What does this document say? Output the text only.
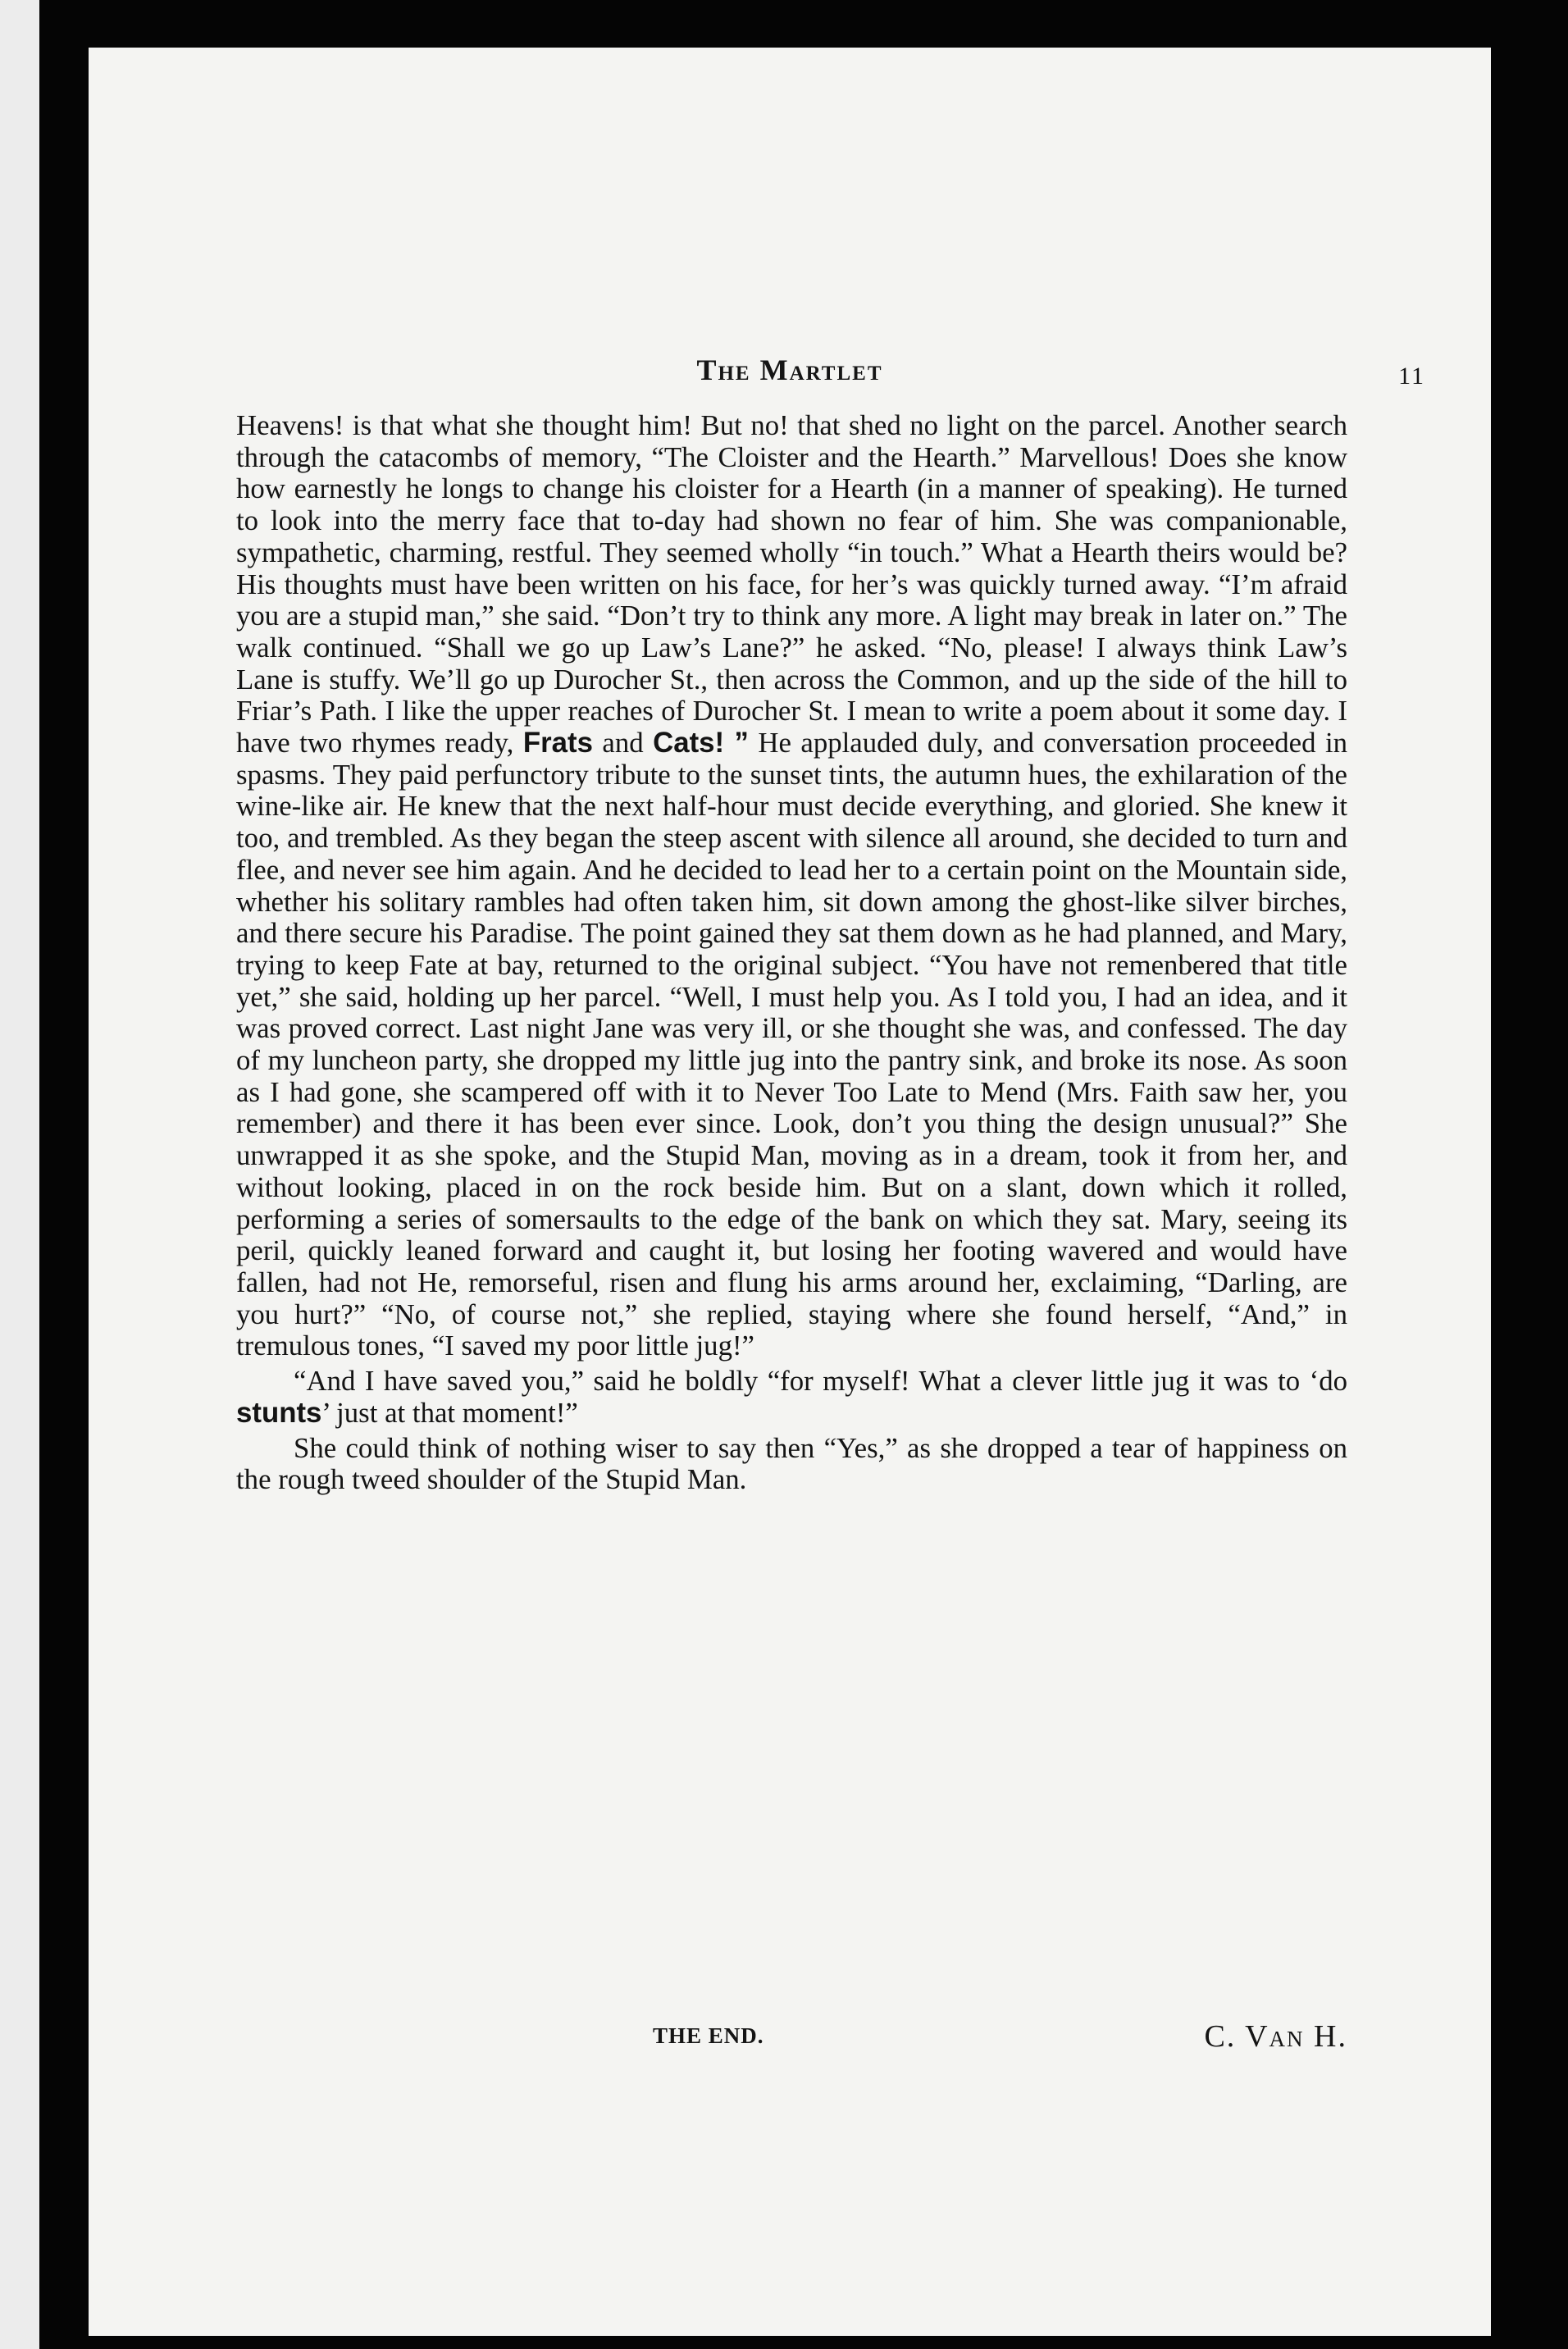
The Martlet	11

Heavens! is that what she thought him! But no! that shed no light on the parcel. Another search through the catacombs of memory, “The Cloister and the Hearth.” Marvellous! Does she know how earnestly he longs to change his cloister for a Hearth (in a manner of speaking). He turned to look into the merry face that to-day had shown no fear of him. She was companionable, sympathetic, charming, restful. They seemed wholly “in touch.” What a Hearth theirs would be? His thoughts must have been written on his face, for her’s was quickly turned away. “I’m afraid you are a stupid man,” she said. “Don’t try to think any more. A light may break in later on.” The walk continued. “Shall we go up Law’s Lane?” he asked. “No, please! I always think Law’s Lane is stuffy. We’ll go up Durocher St., then across the Common, and up the side of the hill to Friar’s Path. I like the upper reaches of Durocher St. I mean to write a poem about it some day. I have two rhymes ready, Frats and Cats! ” He applauded duly, and conversation proceeded in spasms. They paid perfunctory tribute to the sunset tints, the autumn hues, the exhilaration of the wine-like air. He knew that the next half-hour must decide everything, and gloried. She knew it too, and trembled. As they began the steep ascent with silence all around, she decided to turn and flee, and never see him again. And he decided to lead her to a certain point on the Mountain side, whether his solitary rambles had often taken him, sit down among the ghost-like silver birches, and there secure his Paradise. The point gained they sat them down as he had planned, and Mary, trying to keep Fate at bay, returned to the original subject. “You have not remenbered that title yet,” she said, holding up her parcel. “Well, I must help you. As I told you, I had an idea, and it was proved correct. Last night Jane was very ill, or she thought she was, and confessed. The day of my luncheon party, she dropped my little jug into the pantry sink, and broke its nose. As soon as I had gone, she scampered off with it to Never Too Late to Mend (Mrs. Faith saw her, you remember) and there it has been ever since. Look, don’t you thing the design unusual?” She unwrapped it as she spoke, and the Stupid Man, moving as in a dream, took it from her, and without looking, placed in on the rock beside him. But on a slant, down which it rolled, performing a series of somersaults to the edge of the bank on which they sat. Mary, seeing its peril, quickly leaned forward and caught it, but losing her footing wavered and would have fallen, had not He, remorseful, risen and flung his arms around her, exclaiming, “Darling, are you hurt?” “No, of course not,” she replied, staying where she found herself, “And,” in tremulous tones, “I saved my poor little jug!”

“And I have saved you,” said he boldly “for myself! What a clever little jug it was to ‘do stunts’ just at that moment!”

She could think of nothing wiser to say then “Yes,” as she dropped a tear of happiness on the rough tweed shoulder of the Stupid Man.

THE END.	C. Van H.
